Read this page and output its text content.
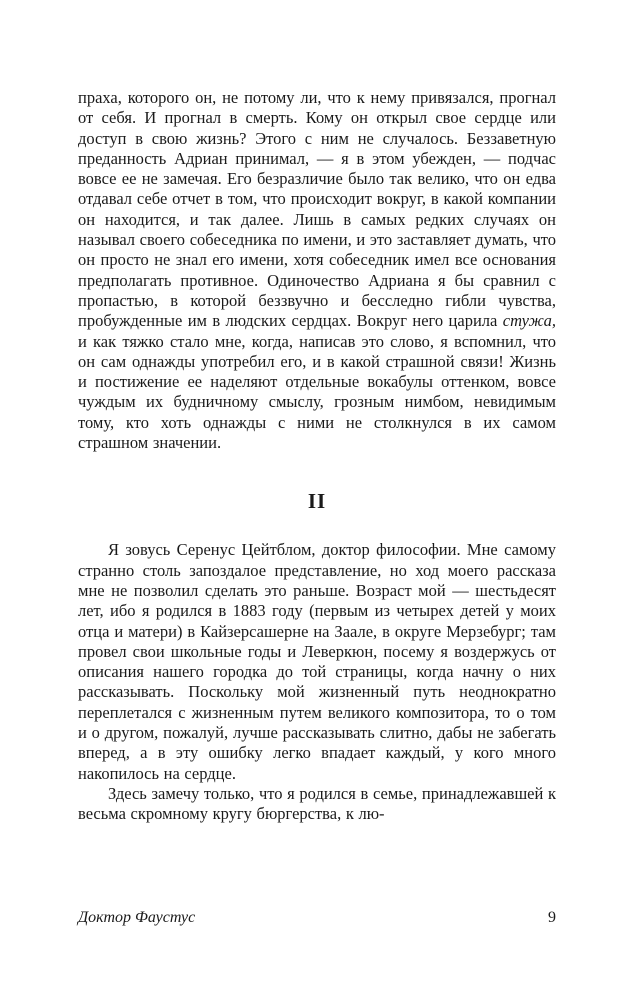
праха, которого он, не потому ли, что к нему привязался, прогнал от себя. И прогнал в смерть. Кому он открыл свое сердце или доступ в свою жизнь? Этого с ним не случалось. Беззаветную преданность Адриан принимал, — я в этом убежден, — подчас вовсе ее не замечая. Его безразличие было так велико, что он едва отдавал себе отчет в том, что происходит вокруг, в какой компании он находится, и так далее. Лишь в самых редких случаях он называл своего собеседника по имени, и это заставляет думать, что он просто не знал его имени, хотя собеседник имел все основания предполагать противное. Одиночество Адриана я бы сравнил с пропастью, в которой беззвучно и бесследно гибли чувства, пробужденные им в людских сердцах. Вокруг него царила стужа, и как тяжко стало мне, когда, написав это слово, я вспомнил, что он сам однажды употребил его, и в какой страшной связи! Жизнь и постижение ее наделяют отдельные вокабулы оттенком, вовсе чуждым их будничному смыслу, грозным нимбом, невидимым тому, кто хоть однажды с ними не столкнулся в их самом страшном значении.

II

Я зовусь Серенус Цейтблом, доктор философии. Мне самому странно столь запоздалое представление, но ход моего рассказа мне не позволил сделать это раньше. Возраст мой — шестьдесят лет, ибо я родился в 1883 году (первым из четырех детей у моих отца и матери) в Кайзерсашерне на Заале, в округе Мерзебург; там провел свои школьные годы и Леверкюн, посему я воздержусь от описания нашего городка до той страницы, когда начну о них рассказывать. Поскольку мой жизненный путь неоднократно переплетался с жизненным путем великого композитора, то о том и о другом, пожалуй, лучше рассказывать слитно, дабы не забегать вперед, а в эту ошибку легко впадает каждый, у кого много накопилось на сердце.

Здесь замечу только, что я родился в семье, принадлежавшей к весьма скромному кругу бюргерства, к лю-

Доктор Фаустус	9
